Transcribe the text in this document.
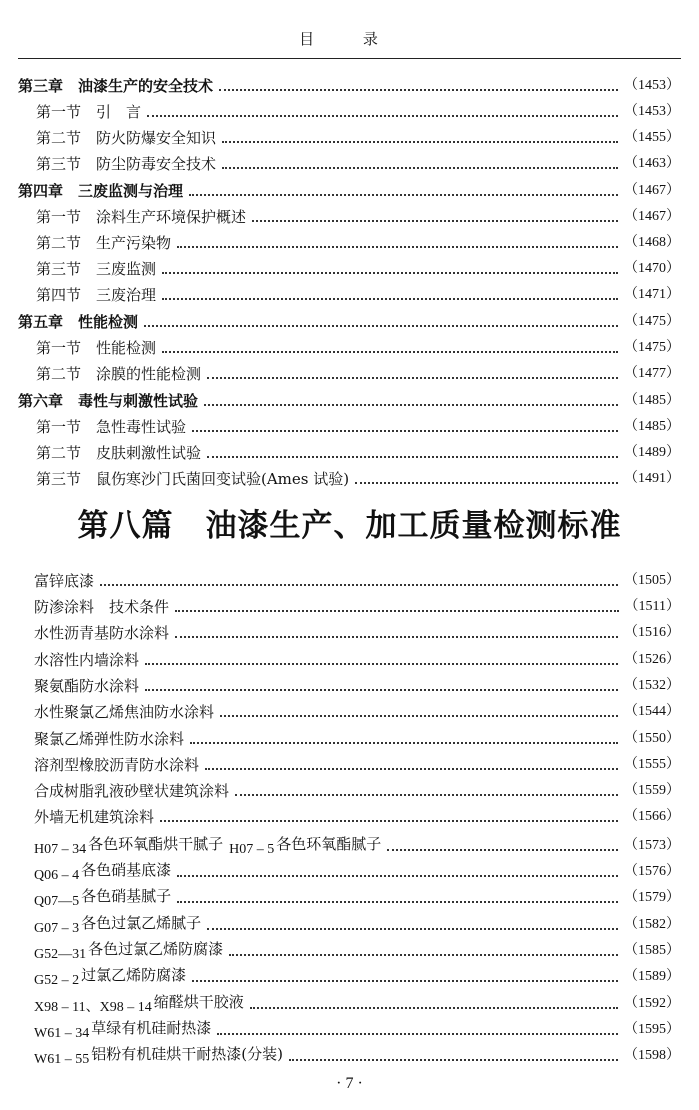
目 录
第三章　油漆生产的安全技术	（1453）
第一节　引　言	（1453）
第二节　防火防爆安全知识	（1455）
第三节　防尘防毒安全技术	（1463）
第四章　三废监测与治理	（1467）
第一节　涂料生产环境保护概述	（1467）
第二节　生产污染物	（1468）
第三节　三废监测	（1470）
第四节　三废治理	（1471）
第五章　性能检测	（1475）
第一节　性能检测	（1475）
第二节　涂膜的性能检测	（1477）
第六章　毒性与刺激性试验	（1485）
第一节　急性毒性试验	（1485）
第二节　皮肤刺激性试验	（1489）
第三节　鼠伤寒沙门氏菌回变试验(Ames 试验)	（1491）
第八篇　油漆生产、加工质量检测标准
富锌底漆	（1505）
防渗涂料　技术条件	（1511）
水性沥青基防水涂料	（1516）
水溶性内墙涂料	（1526）
聚氨酯防水涂料	（1532）
水性聚氯乙烯焦油防水涂料	（1544）
聚氯乙烯弹性防水涂料	（1550）
溶剂型橡胶沥青防水涂料	（1555）
合成树脂乳液砂壁状建筑涂料	（1559）
外墙无机建筑涂料	（1566）
H07 – 34 各色环氧酯烘干腻子 H07 – 5 各色环氧酯腻子	（1573）
Q06 – 4 各色硝基底漆	（1576）
Q07—5 各色硝基腻子	（1579）
G07 – 3 各色过氯乙烯腻子	（1582）
G52—31 各色过氯乙烯防腐漆	（1585）
G52 – 2 过氯乙烯防腐漆	（1589）
X98 – 11、X98 – 14 缩醛烘干胶液	（1592）
W61 – 34 草绿有机硅耐热漆	（1595）
W61 – 55 铝粉有机硅烘干耐热漆(分装)	（1598）
· 7 ·
